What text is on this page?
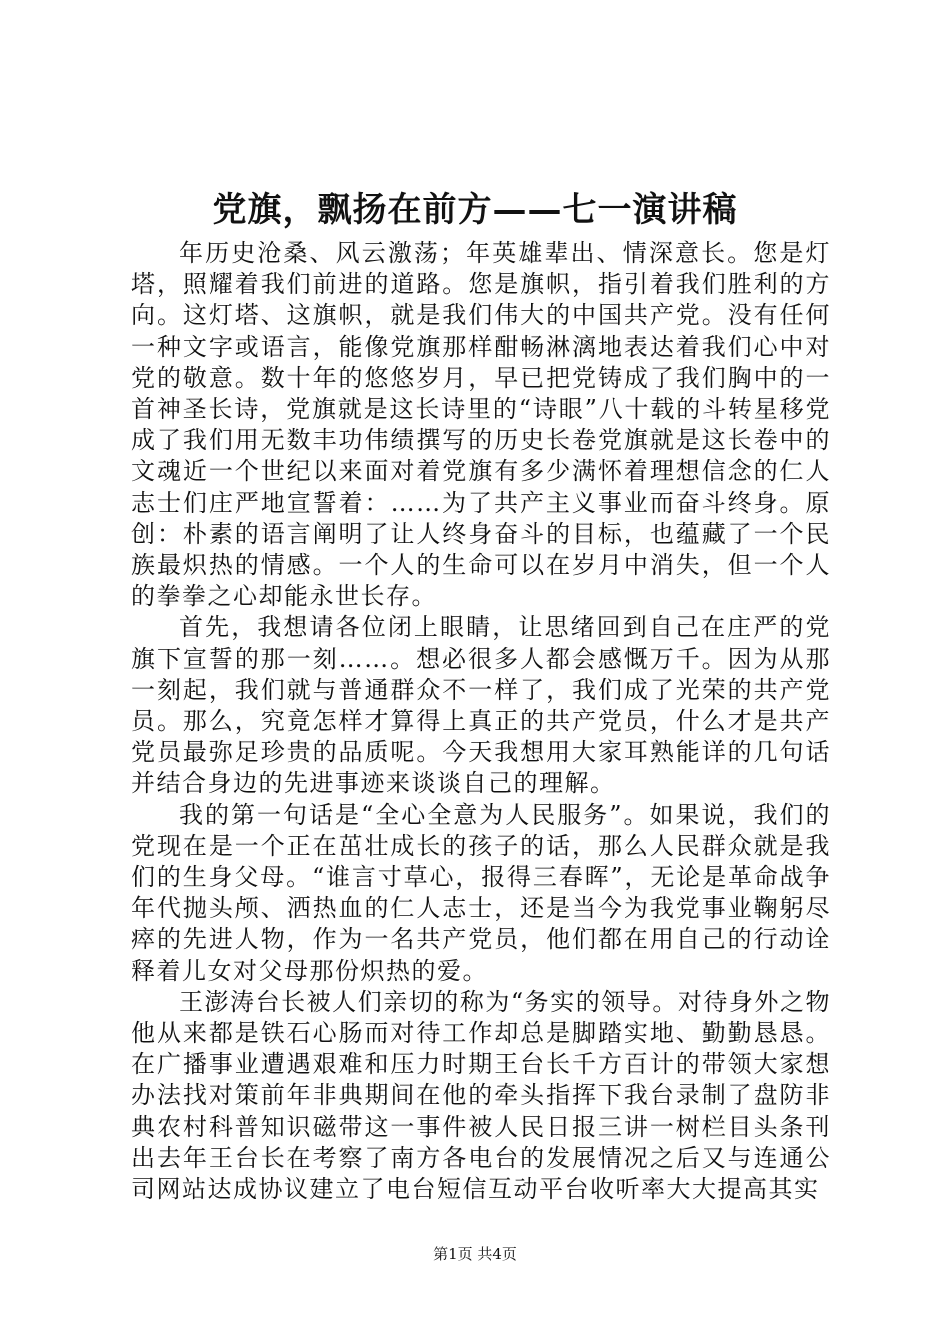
党旗，飘扬在前方——七一演讲稿

年历史沧桑、风云激荡；年英雄辈出、情深意长。您是灯塔，照耀着我们前进的道路。您是旗帜，指引着我们胜利的方向。这灯塔、这旗帜，就是我们伟大的中国共产党。没有任何一种文字或语言，能像党旗那样酣畅淋漓地表达着我们心中对党的敬意。数十年的悠悠岁月，早已把党铸成了我们胸中的一首神圣长诗，党旗就是这长诗里的“诗眼”八十载的斗转星移党成了我们用无数丰功伟绩撰写的历史长卷党旗就是这长卷中的文魂近一个世纪以来面对着党旗有多少满怀着理想信念的仁人志士们庄严地宣誓着：……为了共产主义事业而奋斗终身。原创：朴素的语言阐明了让人终身奋斗的目标，也蕴藏了一个民族最炽热的情感。一个人的生命可以在岁月中消失，但一个人的拳拳之心却能永世长存。

首先，我想请各位闭上眼睛，让思绪回到自己在庄严的党旗下宣誓的那一刻……。想必很多人都会感慨万千。因为从那一刻起，我们就与普通群众不一样了，我们成了光荣的共产党员。那么，究竟怎样才算得上真正的共产党员，什么才是共产党员最弥足珍贵的品质呢。今天我想用大家耳熟能详的几句话并结合身边的先进事迹来谈谈自己的理解。

我的第一句话是“全心全意为人民服务”。如果说，我们的党现在是一个正在茁壮成长的孩子的话，那么人民群众就是我们的生身父母。“谁言寸草心，报得三春晖”，无论是革命战争年代抛头颅、洒热血的仁人志士，还是当今为我党事业鞠躬尽瘁的先进人物，作为一名共产党员，他们都在用自己的行动诠释着儿女对父母那份炽热的爱。

王澎涛台长被人们亲切的称为“务实的领导。对待身外之物他从来都是铁石心肠而对待工作却总是脚踏实地、勤勤恳恳。在广播事业遭遇艰难和压力时期王台长千方百计的带领大家想办法找对策前年非典期间在他的牵头指挥下我台录制了盘防非典农村科普知识磁带这一事件被人民日报三讲一树栏目头条刊出去年王台长在考察了南方各电台的发展情况之后又与连通公司网站达成协议建立了电台短信互动平台收听率大大提高其实

第1页 共4页
